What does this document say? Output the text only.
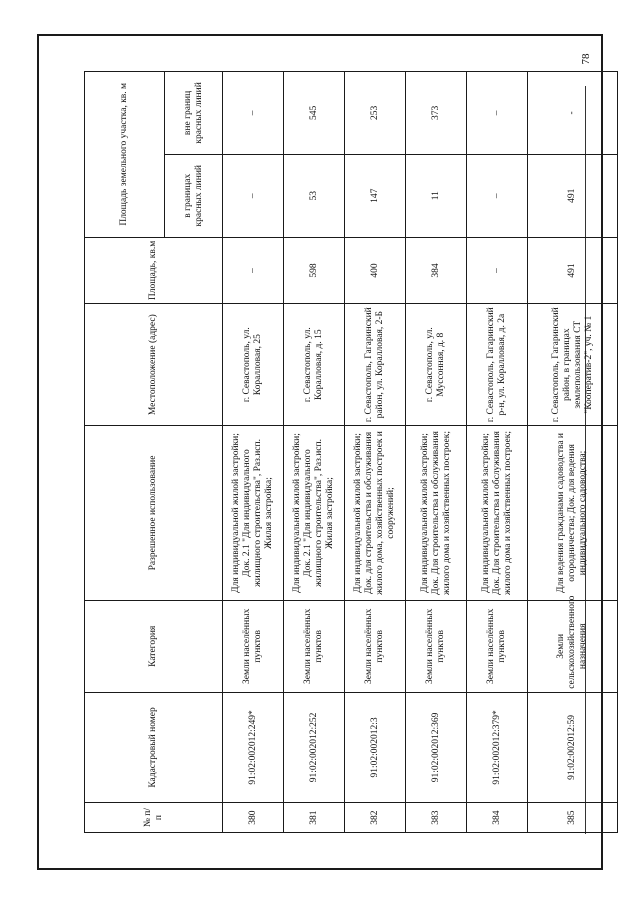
78
№ п/п	Кадастровый номер	Категория	Разрешенное использование	Местоположение (адрес)	Площадь, кв.м	Площадь земельного участка, кв. м	
						в границах красных линий	вне границ красных линий
380	91:02:002012:249*	Земли населённых пунктов	Для индивидуальной жилой застройки; Док. 2.1 "Для индивидуального жилищного строительства", Раз.исп. Жилая застройка;	г. Севастополь, ул. Коралловая, 25	–	–	–
381	91:02:002012:252	Земли населённых пунктов	Для индивидуальной жилой застройки; Док. 2.1 "Для индивидуального жилищного строительства", Раз.исп. Жилая застройка;	г. Севастополь, ул. Коралловая, д. 15	598	53	545
382	91:02:002012:3	Земли населённых пунктов	Для индивидуальной жилой застройки; Док. для строительства и обслуживания жилого дома, хозяйственных построек и сооружений;	г. Севастополь, Гагаринский район, ул. Коралловая, 2-Б	400	147	253
383	91:02:002012:369	Земли населённых пунктов	Для индивидуальной жилой застройки; Док. Для строительства и обслуживания жилого дома и хозяйственных построек;	г. Севастополь, ул. Муссонная, д. 8	384	11	373
384	91:02:002012:379*	Земли населённых пунктов	Для индивидуальной жилой застройки; Док. Для строительства и обслуживания жилого дома и хозяйственных построек;	г. Севастополь, Гагаринский р-н, ул. Коралловая, д. 2а	–	–	–
385	91:02:002012:59	Земли сельскохозяйственного назначения	Для ведения гражданами садоводства и огородничества; Док. для ведения индивидуального садоводства;	г. Севастополь, Гагаринский район, в границах землепользования СТ "Кооператив-2", уч. № 1	491	491	-
